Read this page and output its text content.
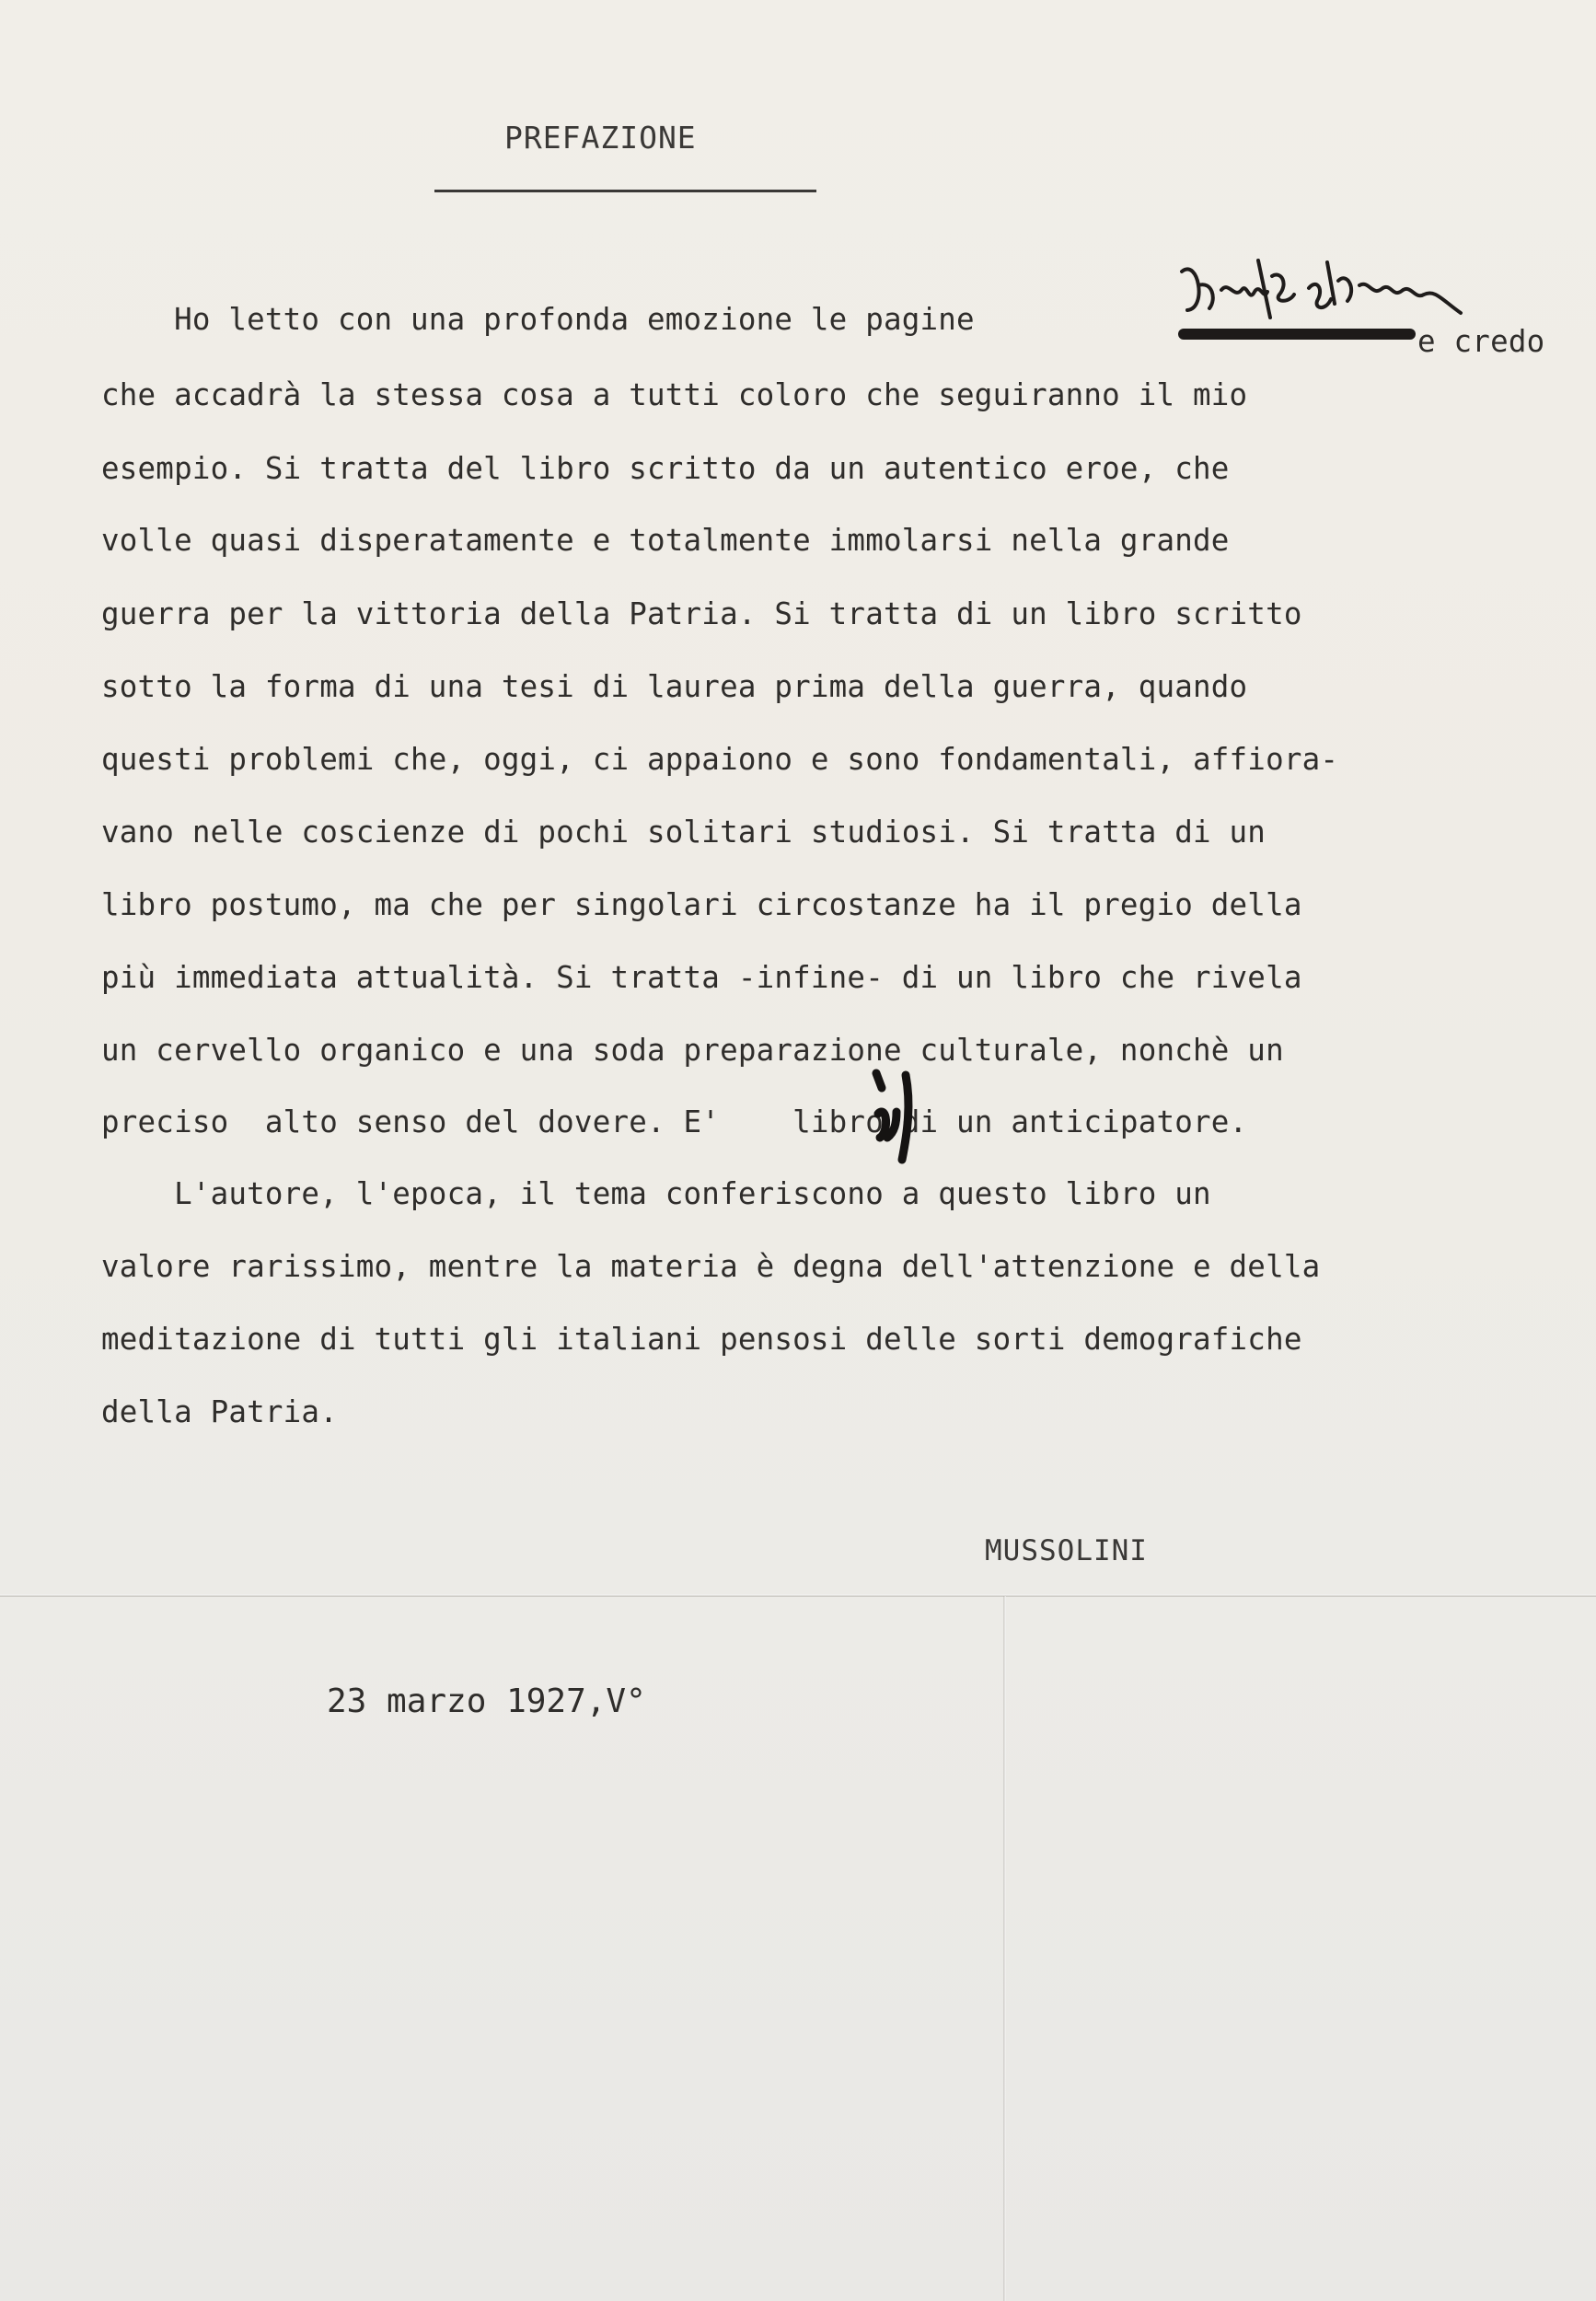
PREFAZIONE
Ho letto con una profonda emozione le pagine
e credo
che accadrà la stessa cosa a tutti coloro che seguiranno il mio
esempio. Si tratta del libro scritto da un autentico eroe, che
volle quasi disperatamente e totalmente immolarsi nella grande
guerra per la vittoria della Patria. Si tratta di un libro scritto
sotto la forma di una tesi di laurea prima della guerra, quando
questi problemi che, oggi, ci appaiono e sono fondamentali, affiora-
vano nelle coscienze di pochi solitari studiosi. Si tratta di un
libro postumo, ma che per singolari circostanze ha il pregio della
più immediata attualità. Si tratta -infine- di un libro che rivela
un cervello organico e una soda preparazione culturale, nonchè un
preciso  alto senso del dovere. E'    libro di un anticipatore.
L'autore, l'epoca, il tema conferiscono a questo libro un
valore rarissimo, mentre la materia è degna dell'attenzione e della
meditazione di tutti gli italiani pensosi delle sorti demografiche
della Patria.
MUSSOLINI
23 marzo 1927,V°
